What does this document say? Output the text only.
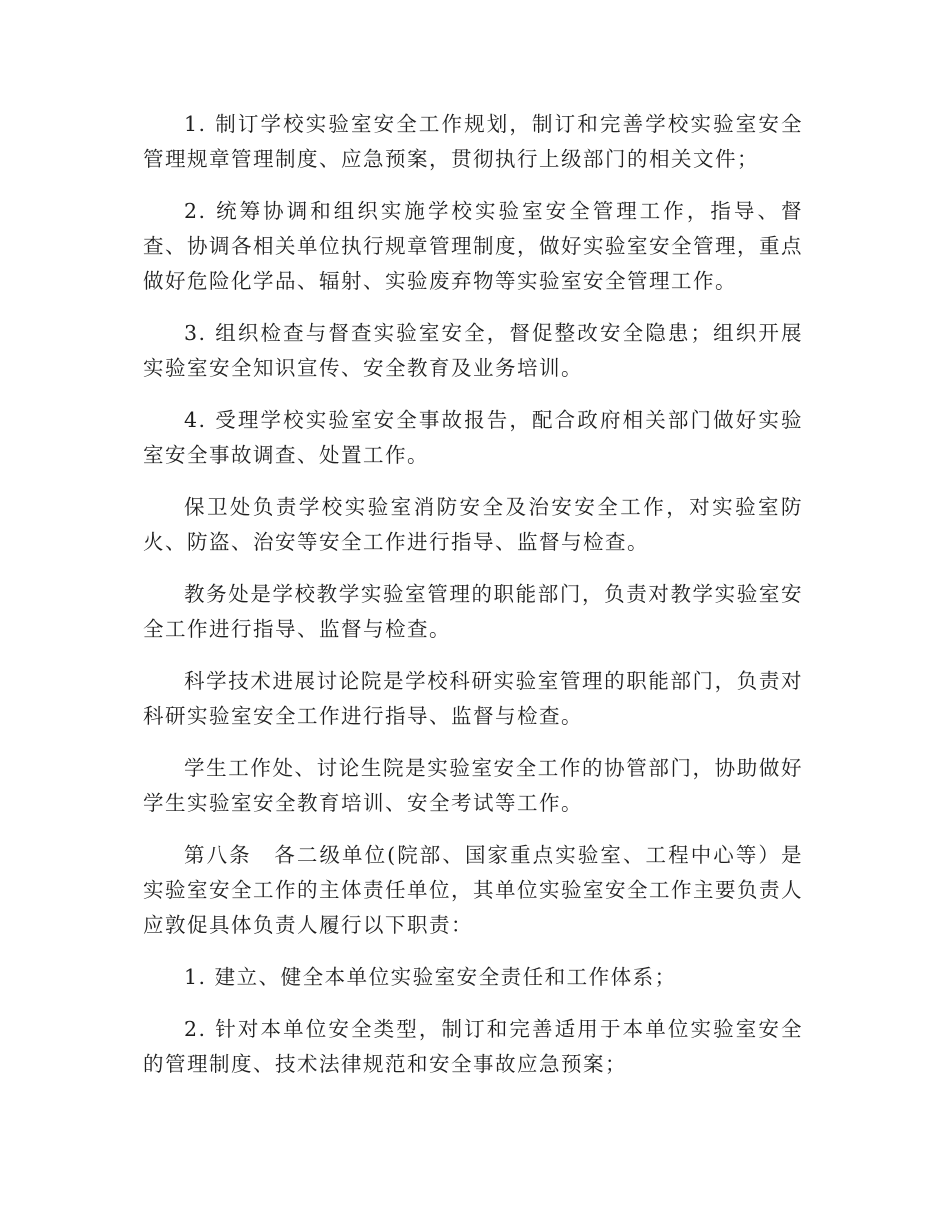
1. 制订学校实验室安全工作规划，制订和完善学校实验室安全管理规章管理制度、应急预案，贯彻执行上级部门的相关文件；

2. 统筹协调和组织实施学校实验室安全管理工作，指导、督查、协调各相关单位执行规章管理制度，做好实验室安全管理，重点做好危险化学品、辐射、实验废弃物等实验室安全管理工作。

3. 组织检查与督查实验室安全，督促整改安全隐患；组织开展实验室安全知识宣传、安全教育及业务培训。

4. 受理学校实验室安全事故报告，配合政府相关部门做好实验室安全事故调查、处置工作。

保卫处负责学校实验室消防安全及治安安全工作，对实验室防火、防盗、治安等安全工作进行指导、监督与检查。

教务处是学校教学实验室管理的职能部门，负责对教学实验室安全工作进行指导、监督与检查。

科学技术进展讨论院是学校科研实验室管理的职能部门，负责对科研实验室安全工作进行指导、监督与检查。

学生工作处、讨论生院是实验室安全工作的协管部门，协助做好学生实验室安全教育培训、安全考试等工作。

第八条　各二级单位(院部、国家重点实验室、工程中心等）是实验室安全工作的主体责任单位，其单位实验室安全工作主要负责人应敦促具体负责人履行以下职责：

1. 建立、健全本单位实验室安全责任和工作体系；

2. 针对本单位安全类型，制订和完善适用于本单位实验室安全的管理制度、技术法律规范和安全事故应急预案；
